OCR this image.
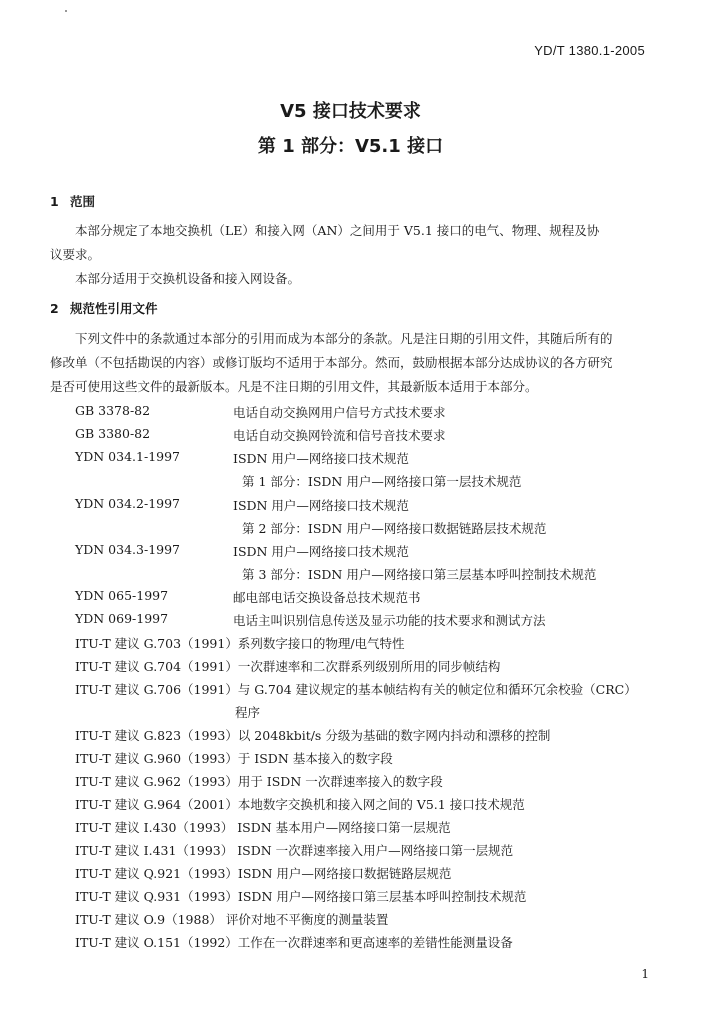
YD/T 1380.1-2005
V5 接口技术要求
第 1 部分：V5.1 接口
1 范围
本部分规定了本地交换机（LE）和接入网（AN）之间用于 V5.1 接口的电气、物理、规程及协
议要求。
本部分适用于交换机设备和接入网设备。
2 规范性引用文件
下列文件中的条款通过本部分的引用而成为本部分的条款。凡是注日期的引用文件，其随后所有的
修改单（不包括勘误的内容）或修订版均不适用于本部分。然而，鼓励根据本部分达成协议的各方研究
是否可使用这些文件的最新版本。凡是不注日期的引用文件，其最新版本适用于本部分。
GB 3378-82	电话自动交换网用户信号方式技术要求
GB 3380-82	电话自动交换网铃流和信号音技术要求
YDN 034.1-1997	ISDN 用户—网络接口技术规范
第 1 部分：ISDN 用户—网络接口第一层技术规范
YDN 034.2-1997	ISDN 用户—网络接口技术规范
第 2 部分：ISDN 用户—网络接口数据链路层技术规范
YDN 034.3-1997	ISDN 用户—网络接口技术规范
第 3 部分：ISDN 用户—网络接口第三层基本呼叫控制技术规范
YDN 065-1997	邮电部电话交换设备总技术规范书
YDN 069-1997	电话主叫识别信息传送及显示功能的技术要求和测试方法
ITU-T 建议 G.703（1991）系列数字接口的物理/电气特性
ITU-T 建议 G.704（1991）一次群速率和二次群系列级别所用的同步帧结构
ITU-T 建议 G.706（1991）与 G.704 建议规定的基本帧结构有关的帧定位和循环冗余校验（CRC）
程序
ITU-T 建议 G.823（1993）以 2048kbit/s 分级为基础的数字网内抖动和漂移的控制
ITU-T 建议 G.960（1993）于 ISDN 基本接入的数字段
ITU-T 建议 G.962（1993）用于 ISDN 一次群速率接入的数字段
ITU-T 建议 G.964（2001）本地数字交换机和接入网之间的 V5.1 接口技术规范
ITU-T 建议 I.430（1993） ISDN 基本用户—网络接口第一层规范
ITU-T 建议 I.431（1993） ISDN 一次群速率接入用户—网络接口第一层规范
ITU-T 建议 Q.921（1993）ISDN 用户—网络接口数据链路层规范
ITU-T 建议 Q.931（1993）ISDN 用户—网络接口第三层基本呼叫控制技术规范
ITU-T 建议 O.9（1988） 评价对地不平衡度的测量装置
ITU-T 建议 O.151（1992）工作在一次群速率和更高速率的差错性能测量设备
1
